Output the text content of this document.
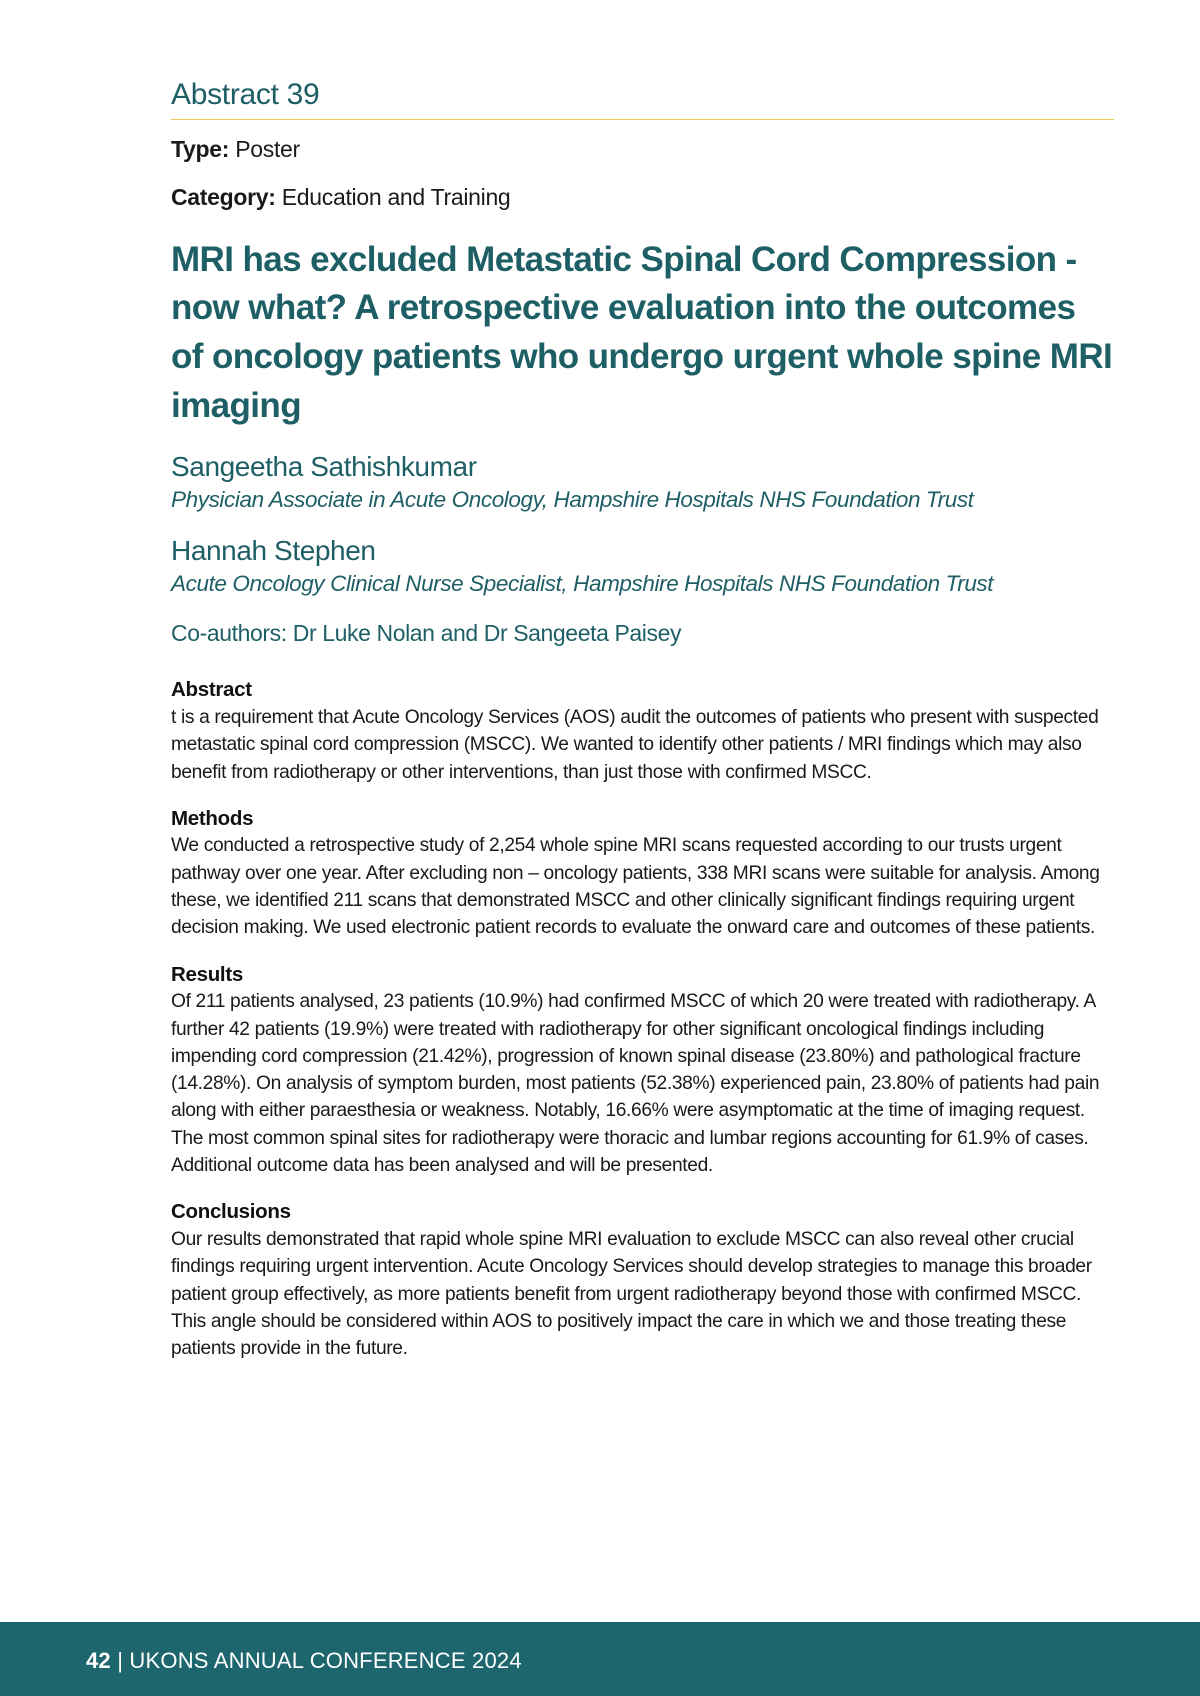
Abstract 39
Type: Poster
Category: Education and Training
MRI has excluded Metastatic Spinal Cord Compression - now what? A retrospective evaluation into the outcomes of oncology patients who undergo urgent whole spine MRI imaging
Sangeetha Sathishkumar
Physician Associate in Acute Oncology, Hampshire Hospitals NHS Foundation Trust
Hannah Stephen
Acute Oncology Clinical Nurse Specialist, Hampshire Hospitals NHS Foundation Trust
Co-authors: Dr Luke Nolan and Dr Sangeeta Paisey
Abstract
t is a requirement that Acute Oncology Services (AOS) audit the outcomes of patients who present with suspected metastatic spinal cord compression (MSCC). We wanted to identify other patients / MRI findings which may also benefit from radiotherapy or other interventions, than just those with confirmed MSCC.
Methods
We conducted a retrospective study of 2,254 whole spine MRI scans requested according to our trusts urgent pathway over one year. After excluding non – oncology patients, 338 MRI scans were suitable for analysis. Among these, we identified 211 scans that demonstrated MSCC and other clinically significant findings requiring urgent decision making. We used electronic patient records to evaluate the onward care and outcomes of these patients.
Results
Of 211 patients analysed, 23 patients (10.9%) had confirmed MSCC of which 20 were treated with radiotherapy. A further 42 patients (19.9%) were treated with radiotherapy for other significant oncological findings including impending cord compression (21.42%), progression of known spinal disease (23.80%) and pathological fracture (14.28%). On analysis of symptom burden, most patients (52.38%) experienced pain, 23.80% of patients had pain along with either paraesthesia or weakness. Notably, 16.66% were asymptomatic at the time of imaging request. The most common spinal sites for radiotherapy were thoracic and lumbar regions accounting for 61.9% of cases. Additional outcome data has been analysed and will be presented.
Conclusions
Our results demonstrated that rapid whole spine MRI evaluation to exclude MSCC can also reveal other crucial findings requiring urgent intervention. Acute Oncology Services should develop strategies to manage this broader patient group effectively, as more patients benefit from urgent radiotherapy beyond those with confirmed MSCC. This angle should be considered within AOS to positively impact the care in which we and those treating these patients provide in the future.
42 | UKONS ANNUAL CONFERENCE 2024
